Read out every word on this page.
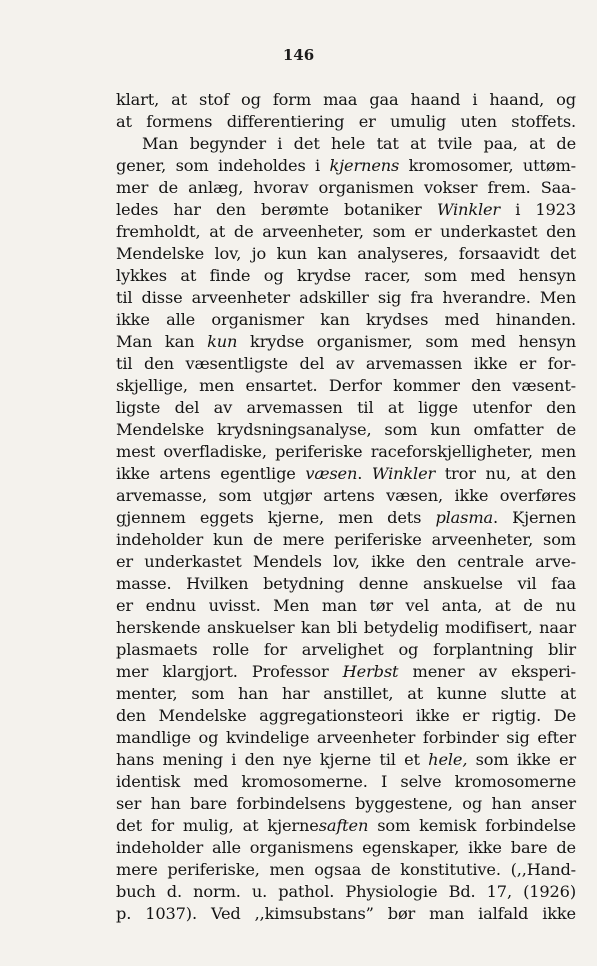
146

klart, at stof og form maa gaa haand i haand, og
at formens differentiering er umulig uten stoffets.
Man begynder i det hele tat at tvile paa, at de
gener, som indeholdes i kjernens kromosomer, uttøm-
mer de anlæg, hvorav organismen vokser frem. Saa-
ledes har den berømte botaniker Winkler i 1923
fremholdt, at de arveenheter, som er underkastet den
Mendelske lov, jo kun kan analyseres, forsaavidt det
lykkes at finde og krydse racer, som med hensyn
til disse arveenheter adskiller sig fra hverandre. Men
ikke alle organismer kan krydses med hinanden.
Man kan kun krydse organismer, som med hensyn
til den væsentligste del av arvemassen ikke er for-
skjellige, men ensartet. Derfor kommer den væsent-
ligste del av arvemassen til at ligge utenfor den
Mendelske krydsningsanalyse, som kun omfatter de
mest overfladiske, periferiske raceforskjelligheter, men
ikke artens egentlige væsen. Winkler tror nu, at den
arvemasse, som utgjør artens væsen, ikke overføres
gjennem eggets kjerne, men dets plasma. Kjernen
indeholder kun de mere periferiske arveenheter, som
er underkastet Mendels lov, ikke den centrale arve-
masse. Hvilken betydning denne anskuelse vil faa
er endnu uvisst. Men man tør vel anta, at de nu
herskende anskuelser kan bli betydelig modifisert, naar
plasmaets rolle for arvelighet og forplantning blir
mer klargjort. Professor Herbst mener av eksperi-
menter, som han har anstillet, at kunne slutte at
den Mendelske aggregationsteori ikke er rigtig. De
mandlige og kvindelige arveenheter forbinder sig efter
hans mening i den nye kjerne til et hele, som ikke er
identisk med kromosomerne. I selve kromosomerne
ser han bare forbindelsens byggestene, og han anser
det for mulig, at kjernesaften som kemisk forbindelse
indeholder alle organismens egenskaper, ikke bare de
mere periferiske, men ogsaa de konstitutive. (,,Hand-
buch d. norm. u. pathol. Physiologie Bd. 17, (1926)
p. 1037). Ved ,,kimsubstans” bør man ialfald ikke
